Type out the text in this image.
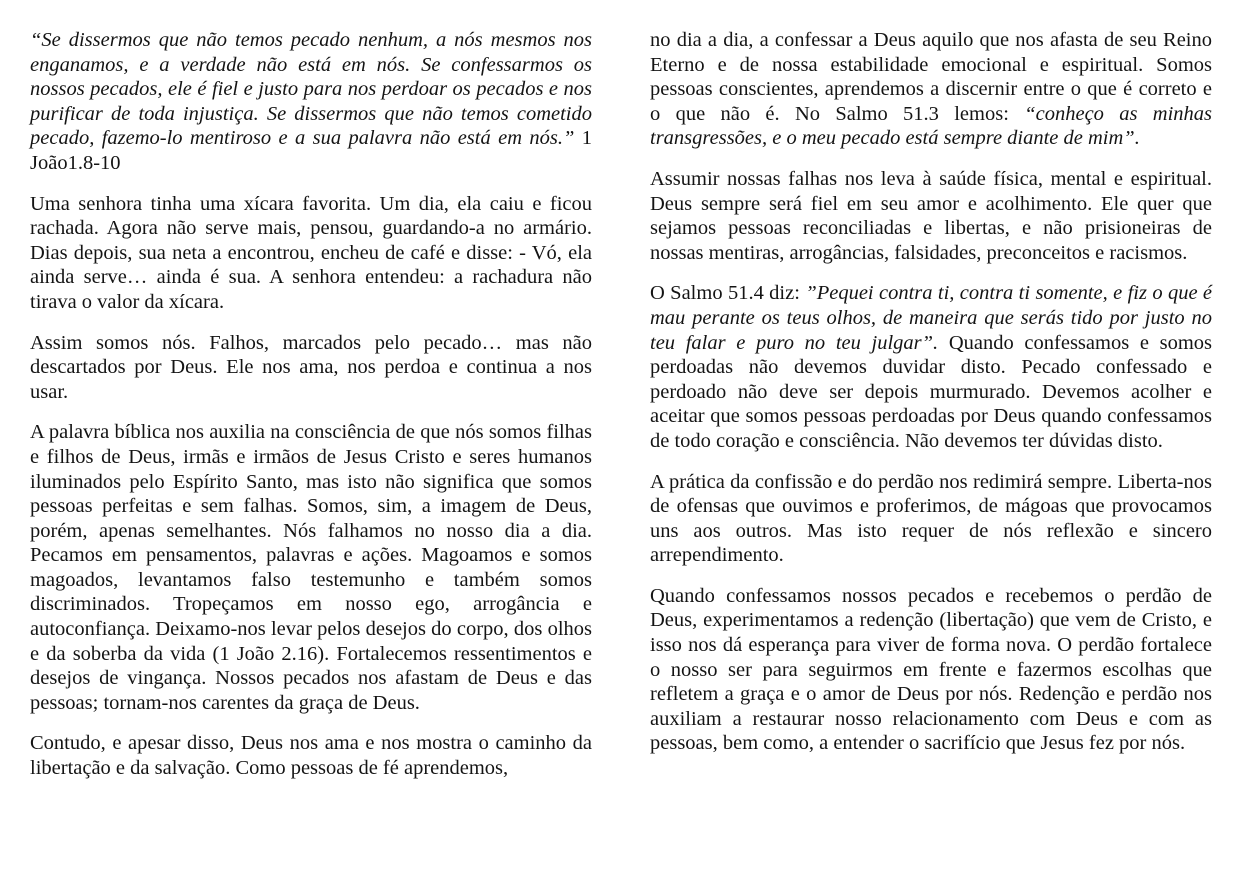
“Se dissermos que não temos pecado nenhum, a nós mesmos nos enganamos, e a verdade não está em nós. Se confessarmos os nossos pecados, ele é fiel e justo para nos perdoar os pecados e nos purificar de toda injustiça. Se dissermos que não temos cometido pecado, fazemo-lo mentiroso e a sua palavra não está em nós.” 1 João1.8-10

Uma senhora tinha uma xícara favorita. Um dia, ela caiu e ficou rachada. Agora não serve mais, pensou, guardando-a no armário. Dias depois, sua neta a encontrou, encheu de café e disse: - Vó, ela ainda serve… ainda é sua. A senhora entendeu: a rachadura não tirava o valor da xícara.

Assim somos nós. Falhos, marcados pelo pecado… mas não descartados por Deus. Ele nos ama, nos perdoa e continua a nos usar.

A palavra bíblica nos auxilia na consciência de que nós somos filhas e filhos de Deus, irmãs e irmãos de Jesus Cristo e seres humanos iluminados pelo Espírito Santo, mas isto não significa que somos pessoas perfeitas e sem falhas. Somos, sim, a imagem de Deus, porém, apenas semelhantes. Nós falhamos no nosso dia a dia. Pecamos em pensamentos, palavras e ações. Magoamos e somos magoados, levantamos falso testemunho e também somos discriminados. Tropeçamos em nosso ego, arrogância e autoconfiança. Deixamo-nos levar pelos desejos do corpo, dos olhos e da soberba da vida (1 João 2.16). Fortalecemos ressentimentos e desejos de vingança. Nossos pecados nos afastam de Deus e das pessoas; tornam-nos carentes da graça de Deus.

Contudo, e apesar disso, Deus nos ama e nos mostra o caminho da libertação e da salvação. Como pessoas de fé aprendemos,

no dia a dia, a confessar a Deus aquilo que nos afasta de seu Reino Eterno e de nossa estabilidade emocional e espiritual. Somos pessoas conscientes, aprendemos a discernir entre o que é correto e o que não é. No Salmo 51.3 lemos: “conheço as minhas transgressões, e o meu pecado está sempre diante de mim”.

Assumir nossas falhas nos leva à saúde física, mental e espiritual. Deus sempre será fiel em seu amor e acolhimento. Ele quer que sejamos pessoas reconciliadas e libertas, e não prisioneiras de nossas mentiras, arrogâncias, falsidades, preconceitos e racismos.

O Salmo 51.4 diz: ”Pequei contra ti, contra ti somente, e fiz o que é mau perante os teus olhos, de maneira que serás tido por justo no teu falar e puro no teu julgar”. Quando confessamos e somos perdoadas não devemos duvidar disto. Pecado confessado e perdoado não deve ser depois murmurado. Devemos acolher e aceitar que somos pessoas perdoadas por Deus quando confessamos de todo coração e consciência. Não devemos ter dúvidas disto.

A prática da confissão e do perdão nos redimirá sempre. Liberta-nos de ofensas que ouvimos e proferimos, de mágoas que provocamos uns aos outros. Mas isto requer de nós reflexão e sincero arrependimento.

Quando confessamos nossos pecados e recebemos o perdão de Deus, experimentamos a redenção (libertação) que vem de Cristo, e isso nos dá esperança para viver de forma nova. O perdão fortalece o nosso ser para seguirmos em frente e fazermos escolhas que refletem a graça e o amor de Deus por nós. Redenção e perdão nos auxiliam a restaurar nosso relacionamento com Deus e com as pessoas, bem como, a entender o sacrifício que Jesus fez por nós.
